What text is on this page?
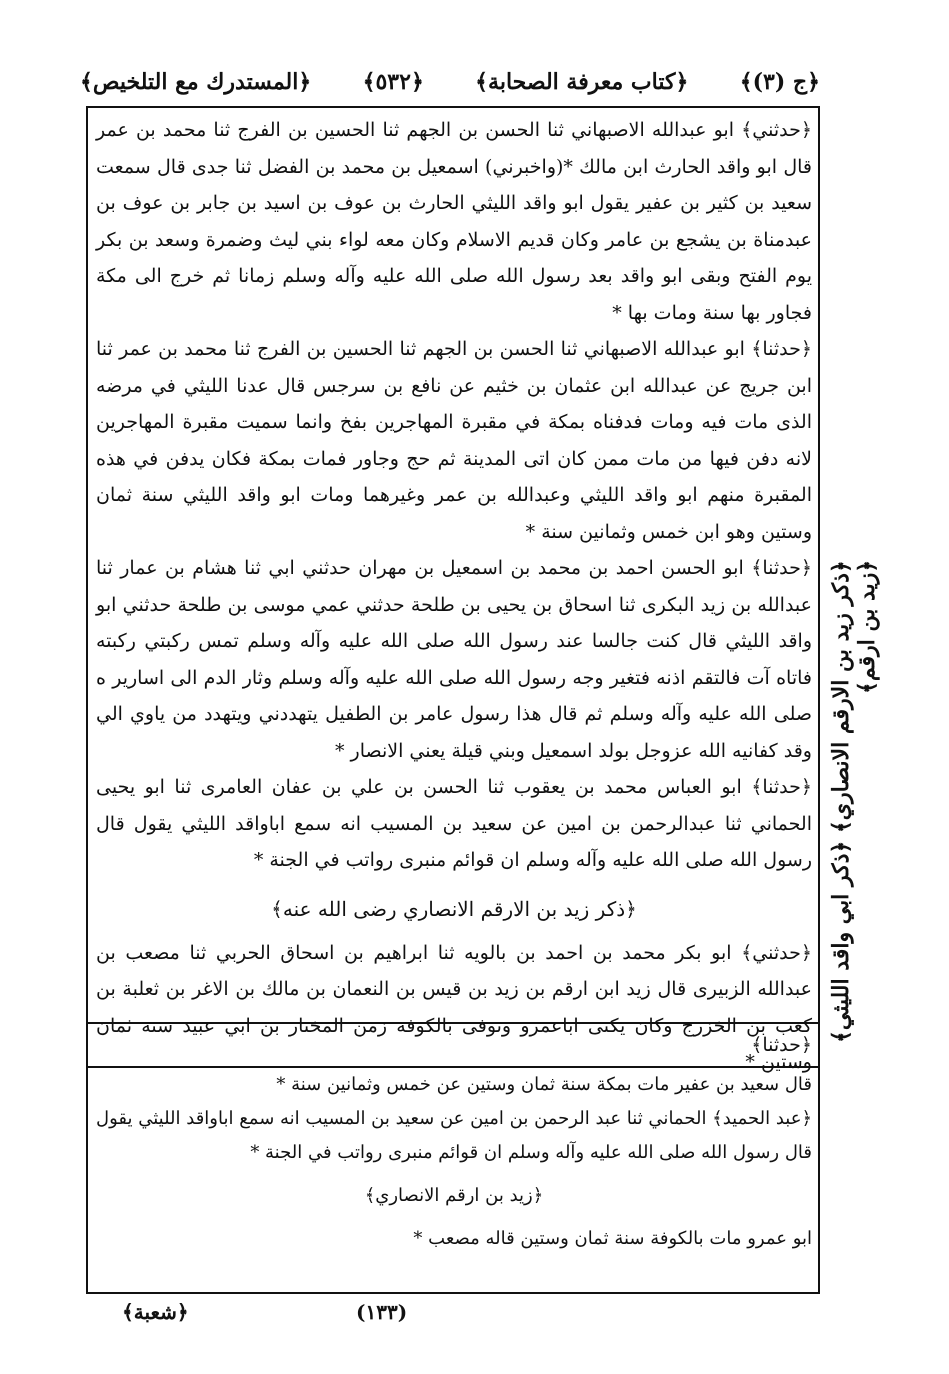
﴿المستدرك مع التلخيص﴾ ﴿٥٣٢﴾ ﴿كتاب معرفة الصحابة﴾ ﴿ج (٣)﴾

﴿حدثني﴾ ابو عبدالله الاصبهاني ثنا الحسن بن الجهم ثنا الحسين بن الفرج ثنا محمد بن عمر قال ابو واقد الحارث ابن مالك *(واخبرني) اسمعيل بن محمد بن الفضل ثنا جدى قال سمعت سعيد بن كثير بن عفير يقول ابو واقد الليثي الحارث بن عوف بن اسيد بن جابر بن عوف بن عبدمناة بن يشجع بن عامر وكان قديم الاسلام وكان معه لواء بني ليث وضمرة وسعد بن بكر يوم الفتح وبقى ابو واقد بعد رسول الله صلى الله عليه وآله وسلم زمانا ثم خرج الى مكة فجاور بها سنة ومات بها *

﴿حدثنا﴾ ابو عبدالله الاصبهاني ثنا الحسن بن الجهم ثنا الحسين بن الفرج ثنا محمد بن عمر ثنا ابن جريج عن عبدالله ابن عثمان بن خثيم عن نافع بن سرجس قال عدنا الليثي في مرضه الذى مات فيه ومات فدفناه بمكة في مقبرة المهاجرين بفخ وانما سميت مقبرة المهاجرين لانه دفن فيها من مات ممن كان اتى المدينة ثم حج وجاور فمات بمكة فكان يدفن في هذه المقبرة منهم ابو واقد الليثي وعبدالله بن عمر وغيرهما ومات ابو واقد الليثي سنة ثمان وستين وهو ابن خمس وثمانين سنة *

﴿حدثنا﴾ ابو الحسن احمد بن محمد بن اسمعيل بن مهران حدثني ابي ثنا هشام بن عمار ثنا عبدالله بن زيد البكرى ثنا اسحاق بن يحيى بن طلحة حدثني عمي موسى بن طلحة حدثني ابو واقد الليثي قال كنت جالسا عند رسول الله صلى الله عليه وآله وسلم تمس ركبتي ركبته فاتاه آت فالتقم اذنه فتغير وجه رسول الله صلى الله عليه وآله وسلم وثار الدم الى اسارير ه صلى الله عليه وآله وسلم ثم قال هذا رسول عامر بن الطفيل يتهددني ويتهدد من ياوي الي وقد كفانيه الله عزوجل بولد اسمعيل وبني قيلة يعني الانصار *

﴿حدثنا﴾ ابو العباس محمد بن يعقوب ثنا الحسن بن علي بن عفان العامرى ثنا ابو يحيى الحماني ثنا عبدالرحمن بن امين عن سعيد بن المسيب انه سمع اباواقد الليثي يقول قال رسول الله صلى الله عليه وآله وسلم ان قوائم منبرى رواتب في الجنة *

﴿ذكر زيد بن الارقم الانصاري رضى الله عنه﴾

﴿حدثني﴾ ابو بكر محمد بن احمد بن بالويه ثنا ابراهيم بن اسحاق الحربي ثنا مصعب بن عبدالله الزبيرى قال زيد ابن ارقم بن زيد بن قيس بن النعمان بن مالك بن الاغر بن ثعلبة بن كعب بن الخزرج وكان يكنى اباعمرو وتوفى بالكوفة زمن المختار بن ابي عبيد سنة ثمان وستين *

﴿حدثنا﴾

قال سعيد بن عفير مات بمكة سنة ثمان وستين عن خمس وثمانين سنة *

﴿عبد الحميد﴾ الحماني ثنا عبد الرحمن بن امين عن سعيد بن المسيب انه سمع اباواقد الليثي يقول قال رسول الله صلى الله عليه وآله وسلم ان قوائم منبرى رواتب في الجنة *

﴿زيد بن ارقم الانصاري﴾

ابو عمرو مات بالكوفة سنة ثمان وستين قاله مصعب *

﴿ذكر زيد بن الارقم الانصاري﴾ ﴿ذكر ابي واقد الليثي﴾ ﴿زيد بن ارقم﴾
(١٣٣)
﴿شعبة﴾
